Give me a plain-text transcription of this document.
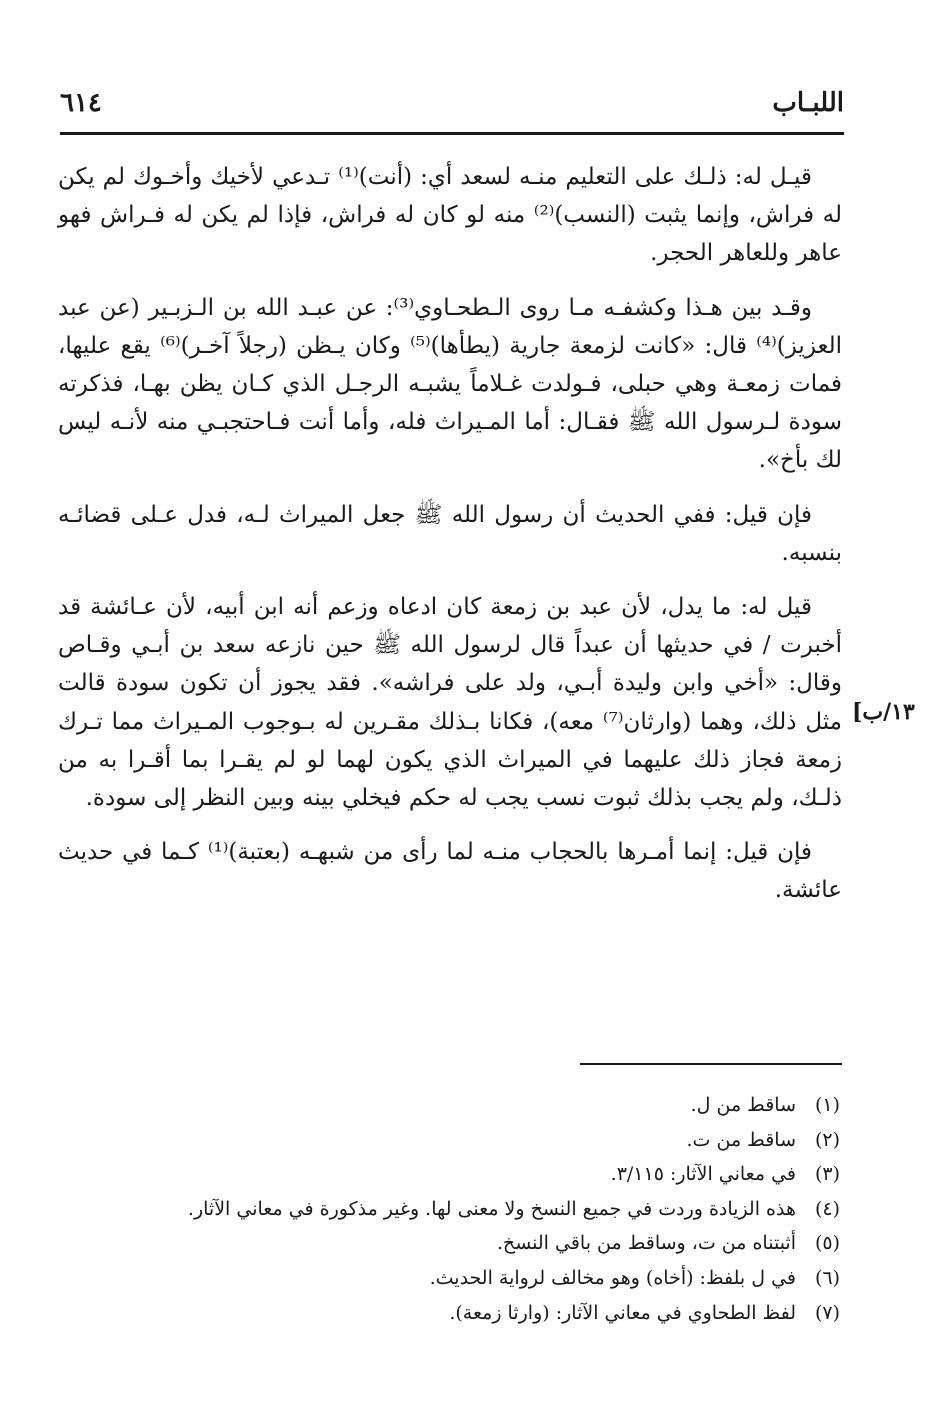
اللبـاب
٦١٤
١٣/ب]

قيـل له: ذلـك على التعليم منـه لسعد أي: (أنت)⁽¹⁾ تـدعي لأخيك وأخـوك لم يكن له فراش، وإنما يثبت (النسب)⁽²⁾ منه لو كان له فراش، فإذا لم يكن له فـراش فهو عاهر وللعاهر الحجر.

وقـد بين هـذا وكشفـه مـا روى الـطحـاوي⁽³⁾: عن عبـد الله بن الـزبـير (عن عبد العزيز)⁽⁴⁾ قال: «كانت لزمعة جارية (يطأها)⁽⁵⁾ وكان يـظن (رجلاً آخـر)⁽⁶⁾ يقع عليها، فمات زمعـة وهي حبلى، فـولدت غـلاماً يشبـه الرجـل الذي كـان يظن بهـا، فذكرته سودة لـرسول الله ﷺ فقـال: أما المـيراث فله، وأما أنت فـاحتجبـي منه لأنـه ليس لك بأخ».

فإن قيل: ففي الحديث أن رسول الله ﷺ جعل الميراث لـه، فدل عـلى قضائـه بنسبه.

قيل له: ما يدل، لأن عبد بن زمعة كان ادعاه وزعم أنه ابن أبيه، لأن عـائشة قد أخبرت / في حديثها أن عبداً قال لرسول الله ﷺ حين نازعه سعد بن أبـي وقـاص وقال: «أخي وابن وليدة أبـي، ولد على فراشه». فقد يجوز أن تكون سودة قالت مثل ذلك، وهما (وارثان⁽⁷⁾ معه)، فكانا بـذلك مقـرين له بـوجوب المـيراث مما تـرك زمعة فجاز ذلك عليهما في الميراث الذي يكون لهما لو لم يقـرا بما أقـرا به من ذلـك، ولم يجب بذلك ثبوت نسب يجب له حكم فيخلي بينه وبين النظر إلى سودة.

فإن قيل: إنما أمـرها بالحجاب منـه لما رأى من شبهـه (بعتبة)⁽¹⁾ كـما في حديث عائشة.

(١)
ساقط من ل.
(٢)
ساقط من ت.
(٣)
في معاني الآثار: ٣/١١٥.
(٤)
هذه الزيادة وردت في جميع النسخ ولا معنى لها. وغير مذكورة في معاني الآثار.
(٥)
أثبتناه من ت، وساقط من باقي النسخ.
(٦)
في ل بلفظ: (أخاه) وهو مخالف لرواية الحديث.
(٧)
لفظ الطحاوي في معاني الآثار: (وارثا زمعة).
